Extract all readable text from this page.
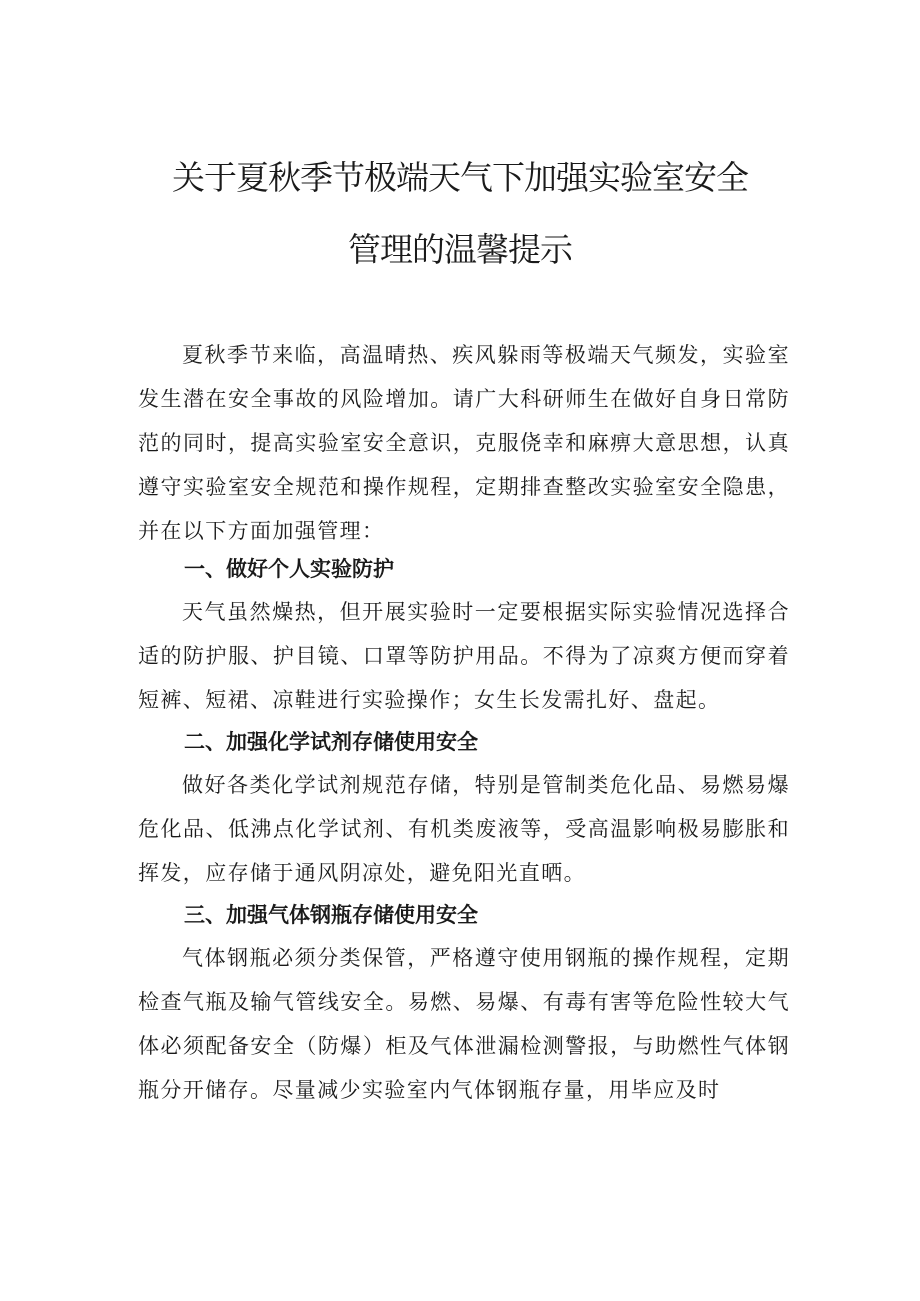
关于夏秋季节极端天气下加强实验室安全
管理的温馨提示

夏秋季节来临，高温晴热、疾风躲雨等极端天气频发，实验室发生潜在安全事故的风险增加。请广大科研师生在做好自身日常防范的同时，提高实验室安全意识，克服侥幸和麻痹大意思想，认真遵守实验室安全规范和操作规程，定期排查整改实验室安全隐患，并在以下方面加强管理：

一、做好个人实验防护

天气虽然燥热，但开展实验时一定要根据实际实验情况选择合适的防护服、护目镜、口罩等防护用品。不得为了凉爽方便而穿着短裤、短裙、凉鞋进行实验操作；女生长发需扎好、盘起。

二、加强化学试剂存储使用安全

做好各类化学试剂规范存储，特别是管制类危化品、易燃易爆危化品、低沸点化学试剂、有机类废液等，受高温影响极易膨胀和挥发，应存储于通风阴凉处，避免阳光直晒。

三、加强气体钢瓶存储使用安全

气体钢瓶必须分类保管，严格遵守使用钢瓶的操作规程，定期检查气瓶及输气管线安全。易燃、易爆、有毒有害等危险性较大气体必须配备安全（防爆）柜及气体泄漏检测警报，与助燃性气体钢瓶分开储存。尽量减少实验室内气体钢瓶存量，用毕应及时
